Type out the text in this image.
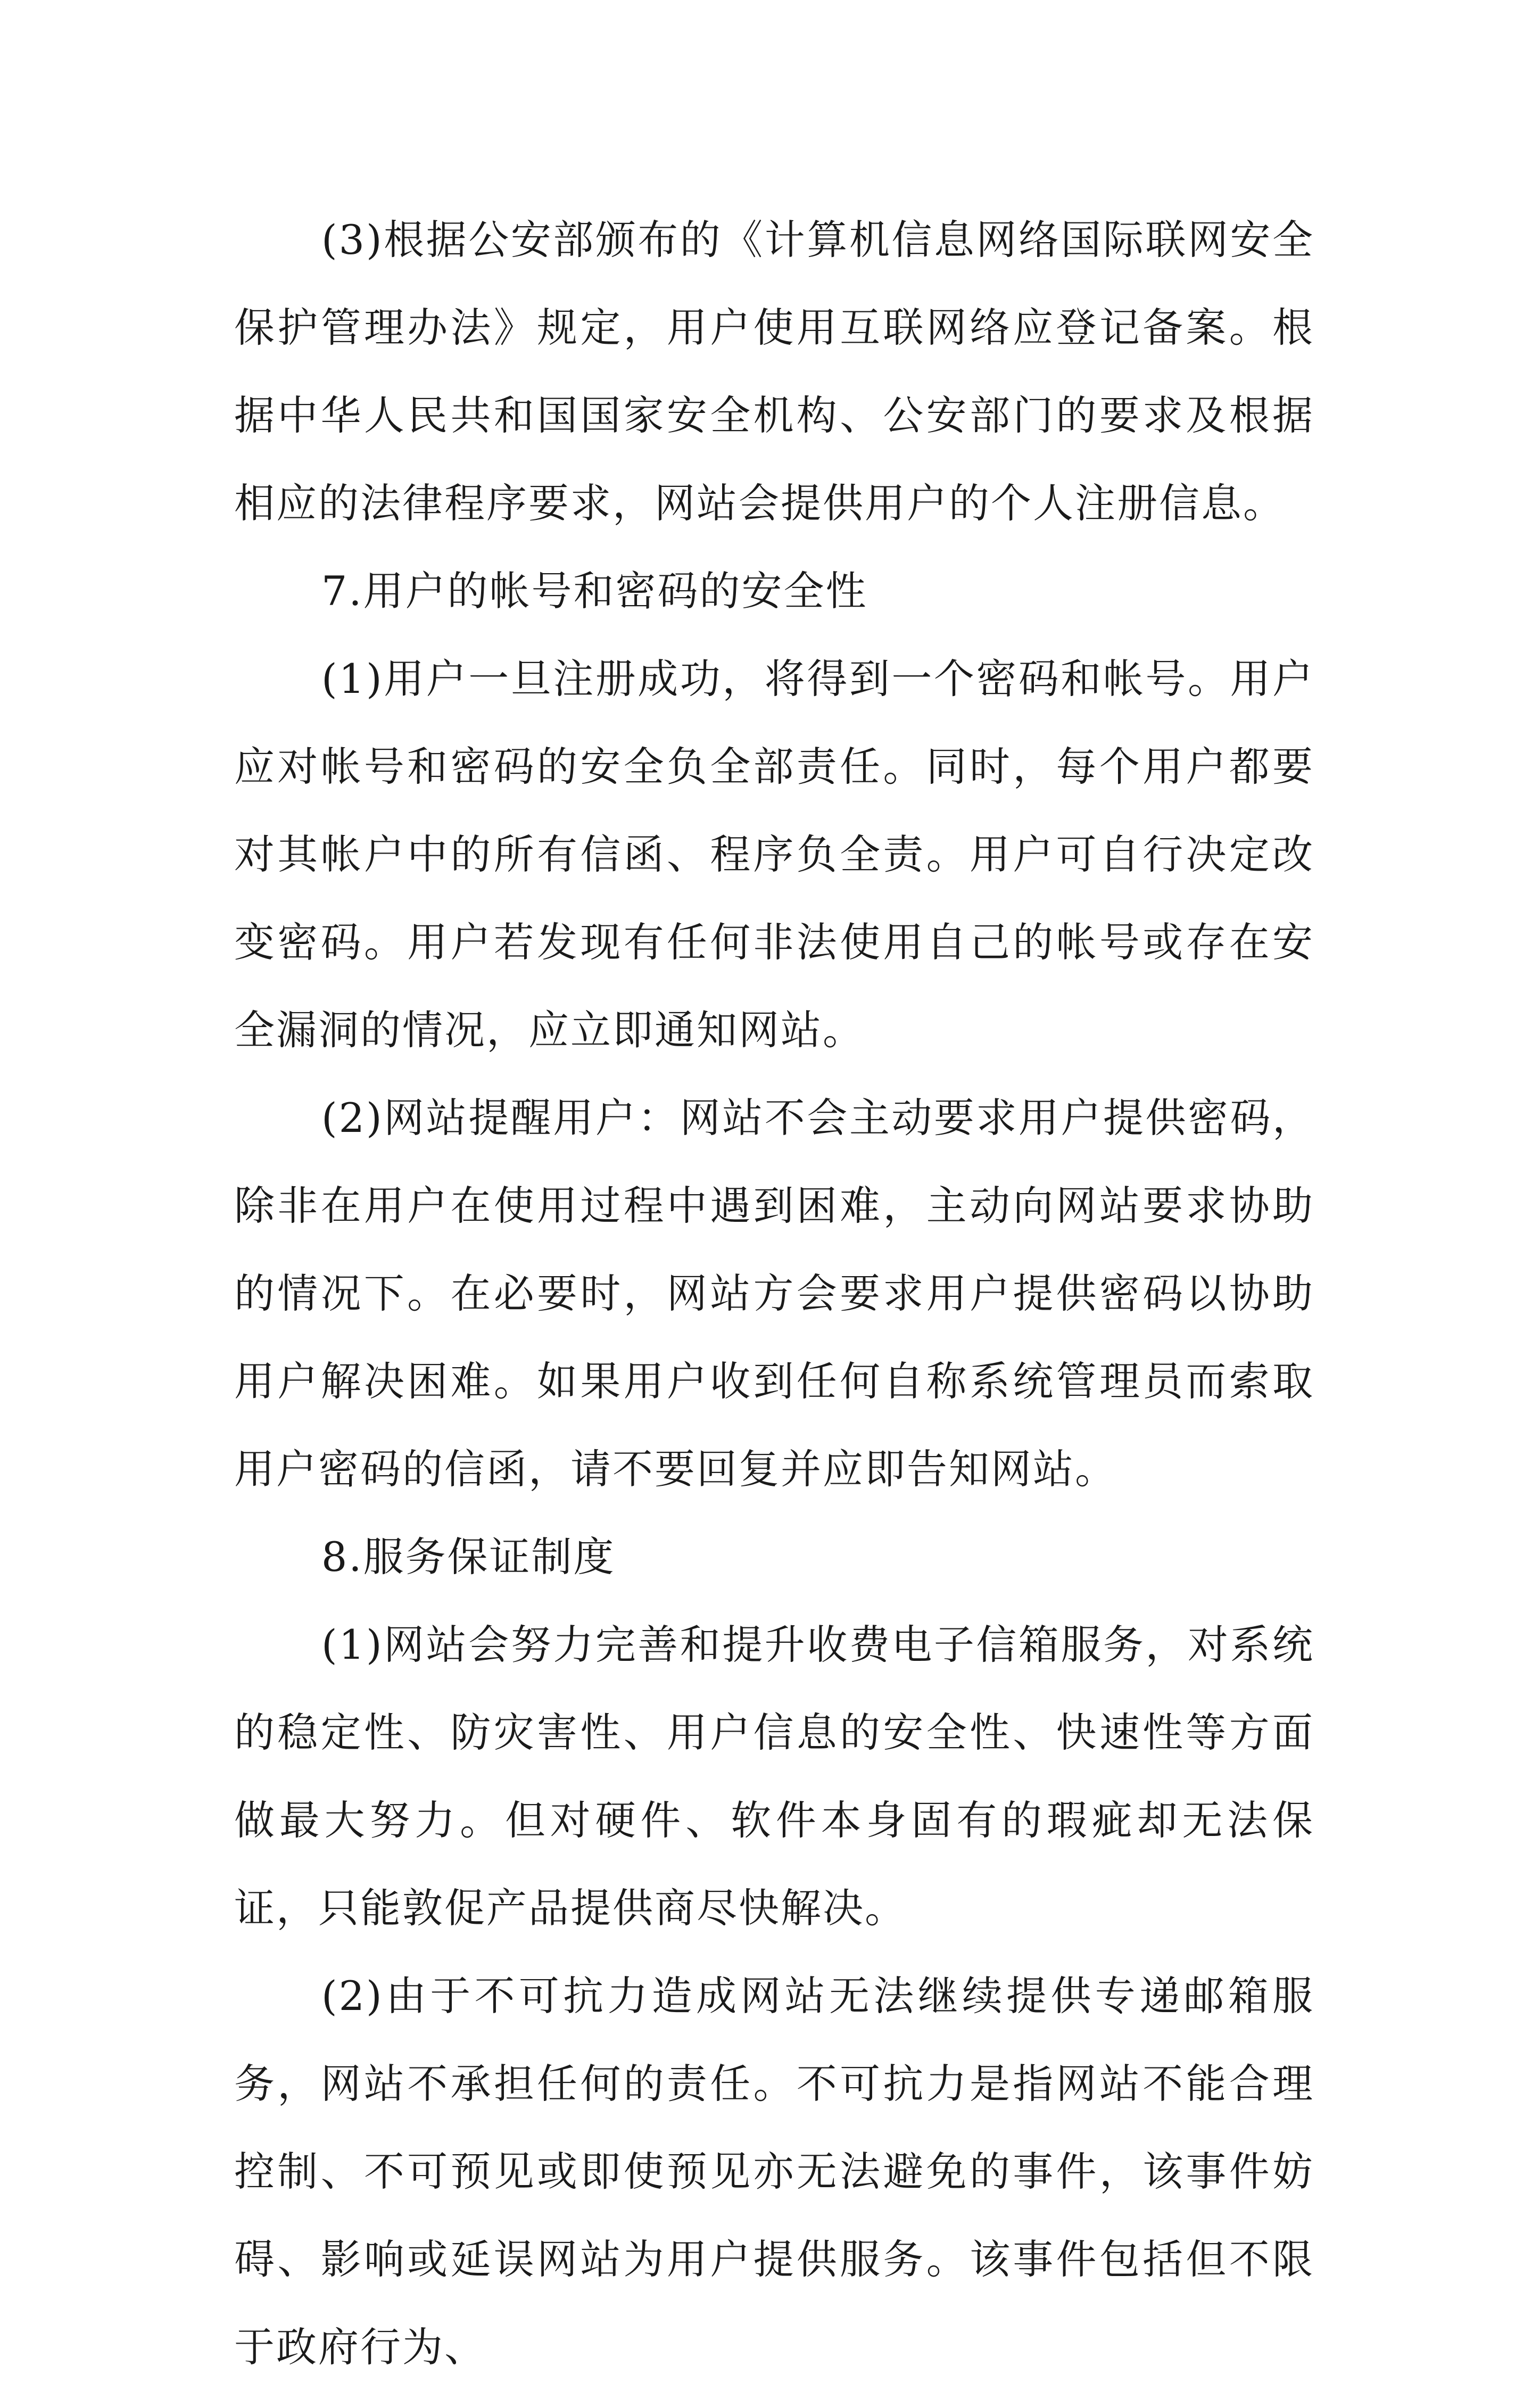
(3)根据公安部颁布的《计算机信息网络国际联网安全保护管理办法》规定，用户使用互联网络应登记备案。根据中华人民共和国国家安全机构、公安部门的要求及根据相应的法律程序要求，网站会提供用户的个人注册信息。

7.用户的帐号和密码的安全性

(1)用户一旦注册成功，将得到一个密码和帐号。用户应对帐号和密码的安全负全部责任。同时，每个用户都要对其帐户中的所有信函、程序负全责。用户可自行决定改变密码。用户若发现有任何非法使用自己的帐号或存在安全漏洞的情况，应立即通知网站。

(2)网站提醒用户：网站不会主动要求用户提供密码，除非在用户在使用过程中遇到困难，主动向网站要求协助的情况下。在必要时，网站方会要求用户提供密码以协助用户解决困难。如果用户收到任何自称系统管理员而索取用户密码的信函，请不要回复并应即告知网站。

8.服务保证制度

(1)网站会努力完善和提升收费电子信箱服务，对系统的稳定性、防灾害性、用户信息的安全性、快速性等方面做最大努力。但对硬件、软件本身固有的瑕疵却无法保证，只能敦促产品提供商尽快解决。

(2)由于不可抗力造成网站无法继续提供专递邮箱服务，网站不承担任何的责任。不可抗力是指网站不能合理控制、不可预见或即使预见亦无法避免的事件，该事件妨碍、影响或延误网站为用户提供服务。该事件包括但不限于政府行为、
